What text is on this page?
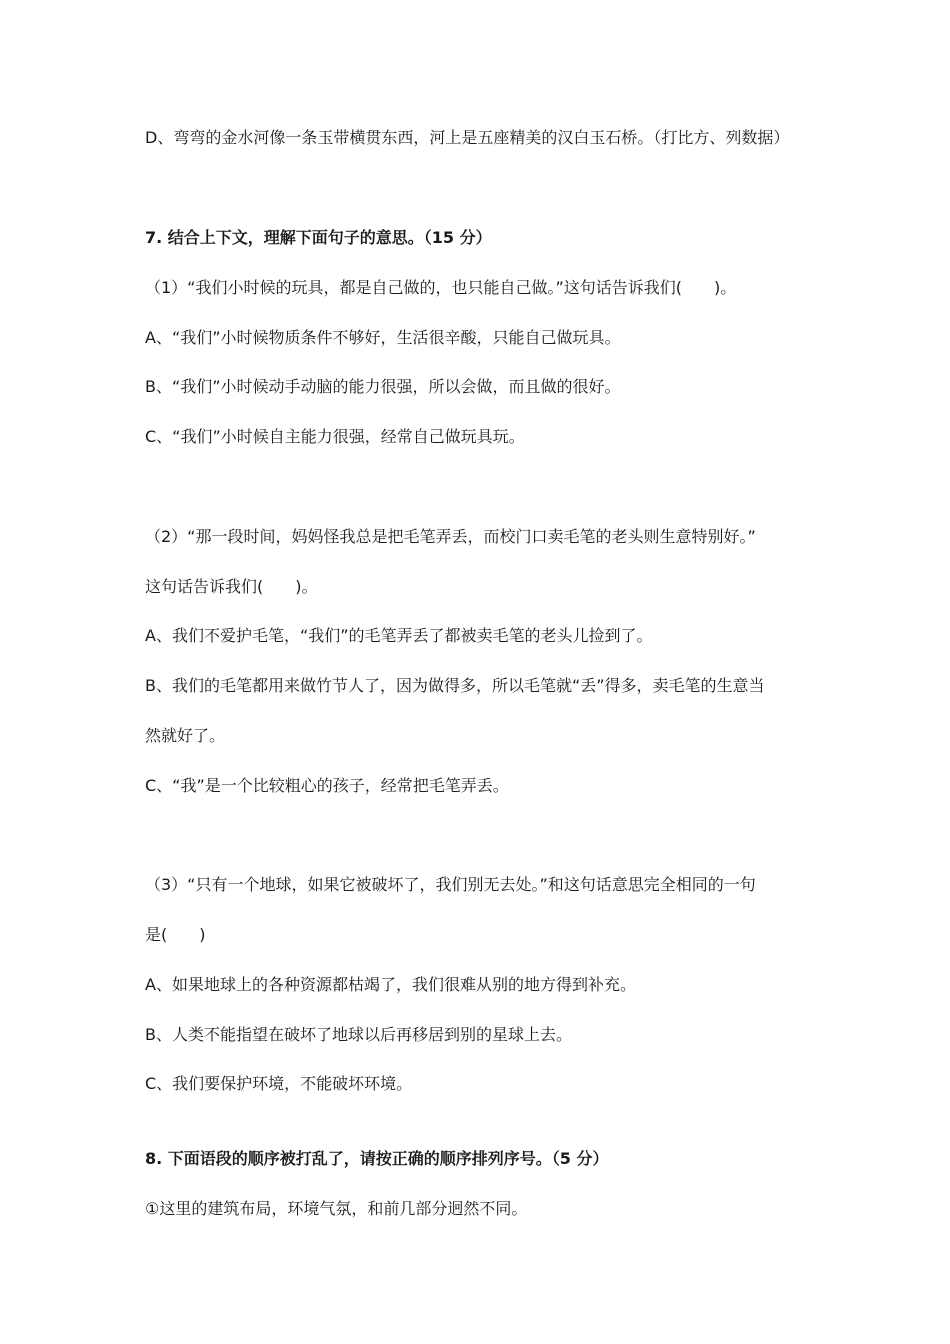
D、弯弯的金水河像一条玉带横贯东西，河上是五座精美的汉白玉石桥。（打比方、列数据）
7. 结合上下文，理解下面句子的意思。（15 分）
（1）“我们小时候的玩具，都是自己做的，也只能自己做。”这句话告诉我们(　　)。
A、“我们”小时候物质条件不够好，生活很辛酸，只能自己做玩具。
B、“我们”小时候动手动脑的能力很强，所以会做，而且做的很好。
C、“我们”小时候自主能力很强，经常自己做玩具玩。
（2）“那一段时间，妈妈怪我总是把毛笔弄丢，而校门口卖毛笔的老头则生意特别好。”
这句话告诉我们(　　)。
A、我们不爱护毛笔，“我们”的毛笔弄丢了都被卖毛笔的老头儿捡到了。
B、我们的毛笔都用来做竹节人了，因为做得多，所以毛笔就“丢”得多，卖毛笔的生意当
然就好了。
C、“我”是一个比较粗心的孩子，经常把毛笔弄丢。
（3）“只有一个地球，如果它被破坏了，我们别无去处。”和这句话意思完全相同的一句
是(　　)
A、如果地球上的各种资源都枯竭了，我们很难从别的地方得到补充。
B、人类不能指望在破坏了地球以后再移居到别的星球上去。
C、我们要保护环境，不能破坏环境。
8. 下面语段的顺序被打乱了，请按正确的顺序排列序号。（5 分）
①这里的建筑布局，环境气氛，和前几部分迥然不同。
